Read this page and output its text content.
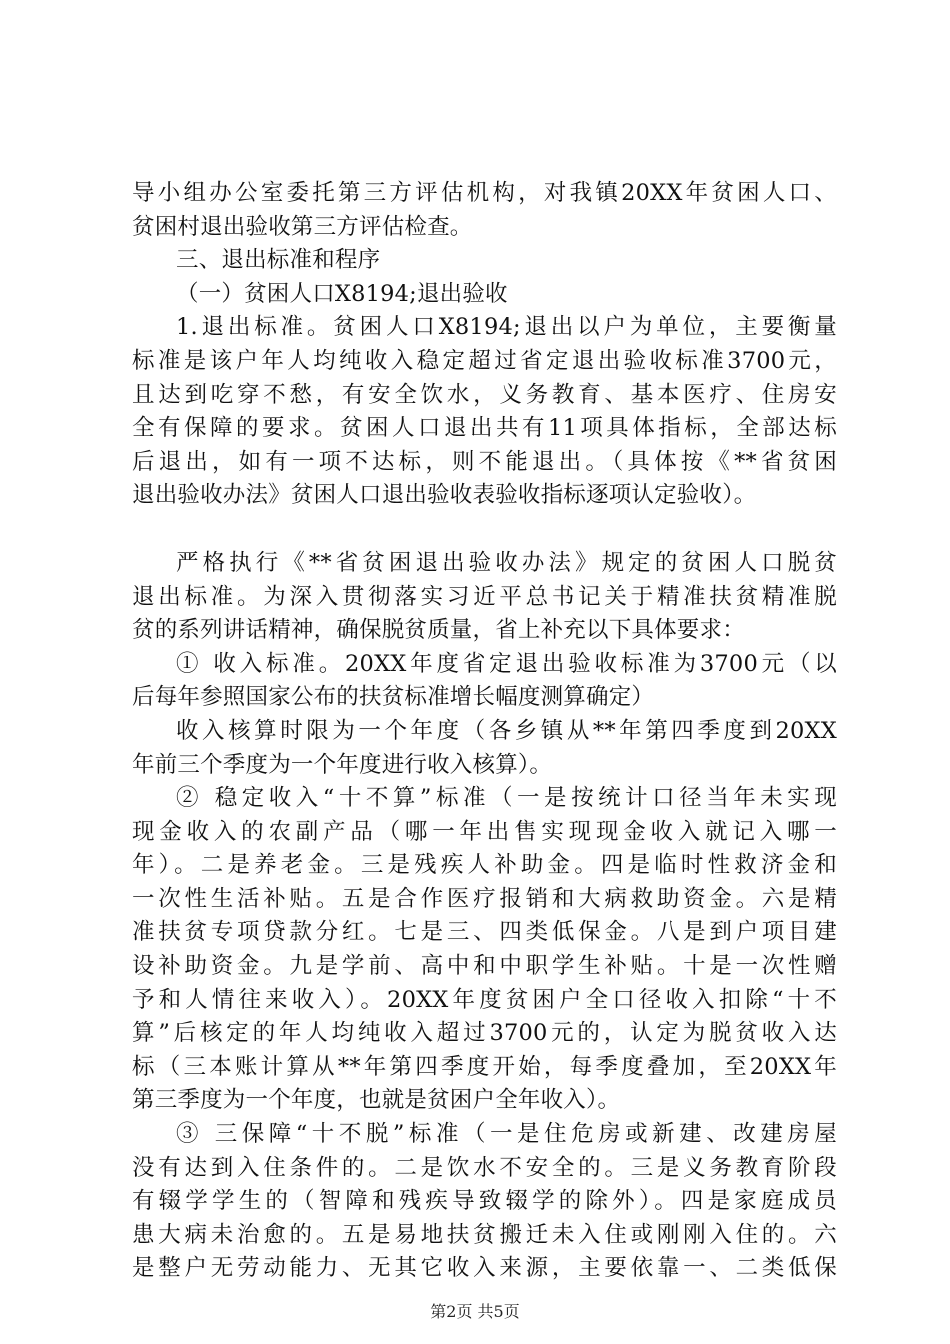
导小组办公室委托第三方评估机构，对我镇20XX年贫困人口、
贫困村退出验收第三方评估检查。
三、退出标准和程序
（一）贫困人口X8194;退出验收
1.退出标准。贫困人口X8194;退出以户为单位，主要衡量
标准是该户年人均纯收入稳定超过省定退出验收标准3700元，
且达到吃穿不愁，有安全饮水，义务教育、基本医疗、住房安
全有保障的要求。贫困人口退出共有11项具体指标，全部达标
后退出，如有一项不达标，则不能退出。（具体按《**省贫困
退出验收办法》贫困人口退出验收表验收指标逐项认定验收）。
严格执行《**省贫困退出验收办法》规定的贫困人口脱贫
退出标准。为深入贯彻落实习近平总书记关于精准扶贫精准脱
贫的系列讲话精神，确保脱贫质量，省上补充以下具体要求：
① 收入标准。20XX年度省定退出验收标准为3700元（以
后每年参照国家公布的扶贫标准增长幅度测算确定）
收入核算时限为一个年度（各乡镇从**年第四季度到20XX
年前三个季度为一个年度进行收入核算）。
② 稳定收入“十不算”标准（一是按统计口径当年未实现
现金收入的农副产品（哪一年出售实现现金收入就记入哪一
年）。二是养老金。三是残疾人补助金。四是临时性救济金和
一次性生活补贴。五是合作医疗报销和大病救助资金。六是精
准扶贫专项贷款分红。七是三、四类低保金。八是到户项目建
设补助资金。九是学前、高中和中职学生补贴。十是一次性赠
予和人情往来收入）。20XX年度贫困户全口径收入扣除“十不
算”后核定的年人均纯收入超过3700元的，认定为脱贫收入达
标（三本账计算从**年第四季度开始，每季度叠加，至20XX年
第三季度为一个年度，也就是贫困户全年收入）。
③ 三保障“十不脱”标准（一是住危房或新建、改建房屋
没有达到入住条件的。二是饮水不安全的。三是义务教育阶段
有辍学学生的（智障和残疾导致辍学的除外）。四是家庭成员
患大病未治愈的。五是易地扶贫搬迁未入住或刚刚入住的。六
是整户无劳动能力、无其它收入来源，主要依靠一、二类低保
第2页 共5页
